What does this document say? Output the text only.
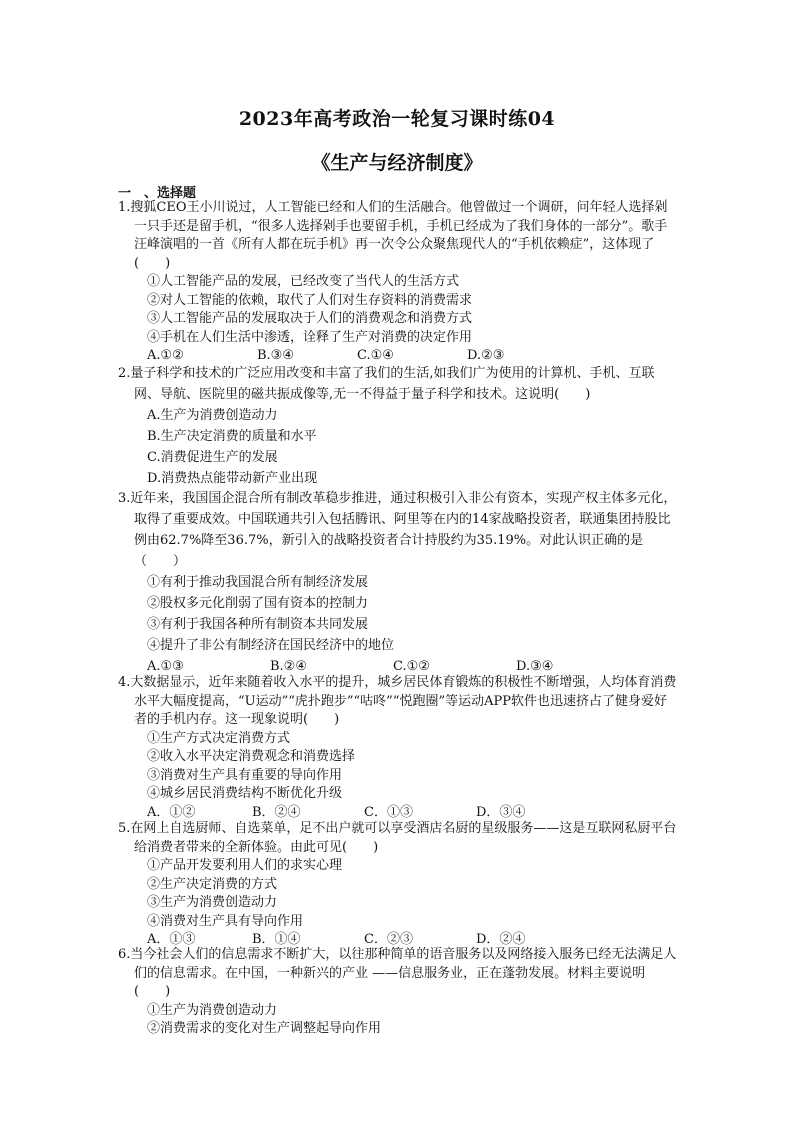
2023年高考政治一轮复习课时练04
《生产与经济制度》
一　、选择题
1.搜狐CEO王小川说过，人工智能已经和人们的生活融合。他曾做过一个调研，问年轻人选择剁一只手还是留手机，“很多人选择剁手也要留手机，手机已经成为了我们身体的一部分”。歌手汪峰演唱的一首《所有人都在玩手机》再一次令公众聚焦现代人的“手机依赖症”，这体现了(　　)
①人工智能产品的发展，已经改变了当代人的生活方式
②对人工智能的依赖，取代了人们对生存资料的消费需求
③人工智能产品的发展取决于人们的消费观念和消费方式
④手机在人们生活中渗透，诠释了生产对消费的决定作用
A.①②	B.③④	C.①④	D.②③
2.量子科学和技术的广泛应用改变和丰富了我们的生活,如我们广为使用的计算机、手机、互联网、导航、医院里的磁共振成像等,无一不得益于量子科学和技术。这说明(　　)
A.生产为消费创造动力
B.生产决定消费的质量和水平
C.消费促进生产的发展
D.消费热点能带动新产业出现
3.近年来，我国国企混合所有制改革稳步推进，通过积极引入非公有资本，实现产权主体多元化，取得了重要成效。中国联通共引入包括腾讯、阿里等在内的14家战略投资者，联通集团持股比例由62.7%降至36.7%，新引入的战略投资者合计持股约为35.19%。对此认识正确的是（　　）
①有利于推动我国混合所有制经济发展
②股权多元化削弱了国有资本的控制力
③有利于我国各种所有制资本共同发展
④提升了非公有制经济在国民经济中的地位
A.①③	B.②④	C.①②	D.③④
4.大数据显示，近年来随着收入水平的提升，城乡居民体育锻炼的积极性不断增强，人均体育消费水平大幅度提高，“U运动”“虎扑跑步”“咕咚”“悦跑圈”等运动APP软件也迅速挤占了健身爱好者的手机内存。这一现象说明(　　)
①生产方式决定消费方式
②收入水平决定消费观念和消费选择
③消费对生产具有重要的导向作用
④城乡居民消费结构不断优化升级
A．①②	B．②④	C．①③	D．③④
5.在网上自选厨师、自选菜单，足不出户就可以享受酒店名厨的星级服务——这是互联网私厨平台给消费者带来的全新体验。由此可见(　　)
①产品开发要利用人们的求实心理
②生产决定消费的方式
③生产为消费创造动力
④消费对生产具有导向作用
A．①③	B．①④	C．②③	D．②④
6.当今社会人们的信息需求不断扩大，以往那种简单的语音服务以及网络接入服务已经无法满足人们的信息需求。在中国，一种新兴的产业 ——信息服务业，正在蓬勃发展。材料主要说明(　　)
①生产为消费创造动力
②消费需求的变化对生产调整起导向作用
